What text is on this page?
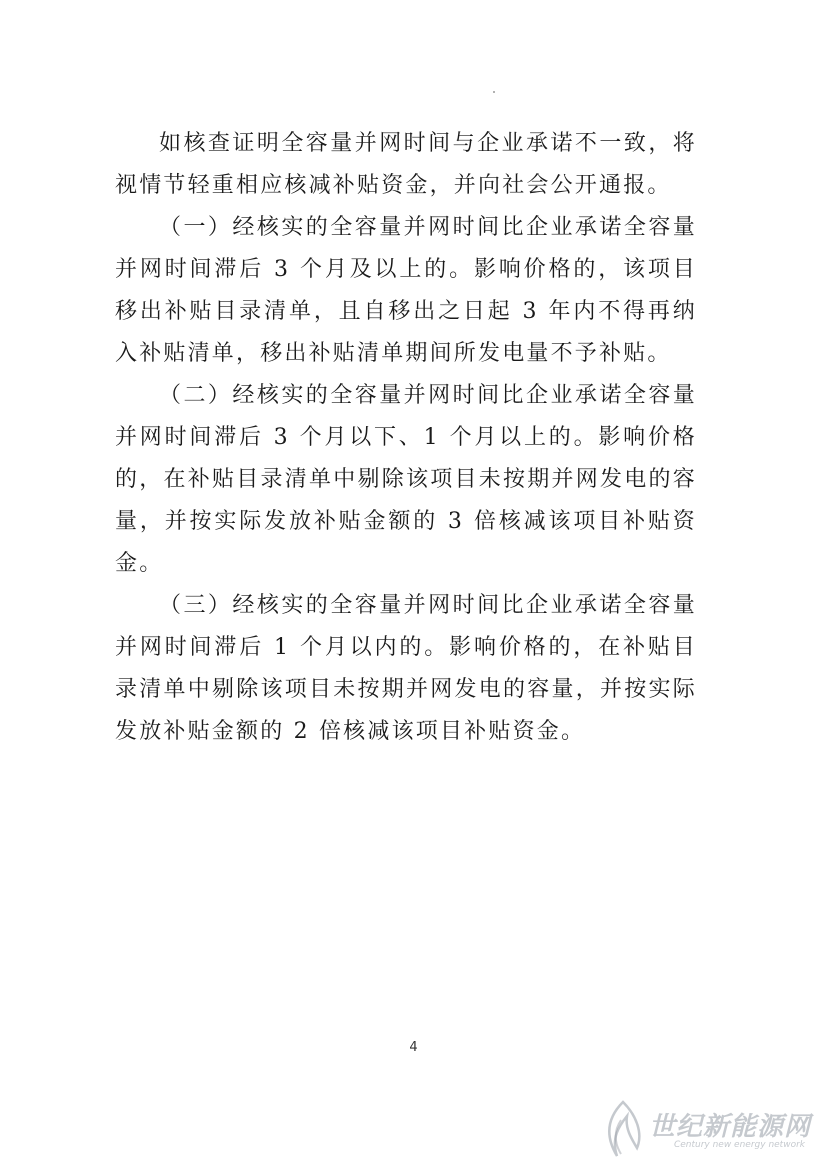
如核查证明全容量并网时间与企业承诺不一致，将视情节轻重相应核减补贴资金，并向社会公开通报。

（一）经核实的全容量并网时间比企业承诺全容量并网时间滞后 3 个月及以上的。影响价格的，该项目移出补贴目录清单，且自移出之日起 3 年内不得再纳入补贴清单，移出补贴清单期间所发电量不予补贴。

（二）经核实的全容量并网时间比企业承诺全容量并网时间滞后 3 个月以下、1 个月以上的。影响价格的，在补贴目录清单中剔除该项目未按期并网发电的容量，并按实际发放补贴金额的 3 倍核减该项目补贴资金。

（三）经核实的全容量并网时间比企业承诺全容量并网时间滞后 1 个月以内的。影响价格的，在补贴目录清单中剔除该项目未按期并网发电的容量，并按实际发放补贴金额的 2 倍核减该项目补贴资金。

4
世纪新能源网
Century new energy network
